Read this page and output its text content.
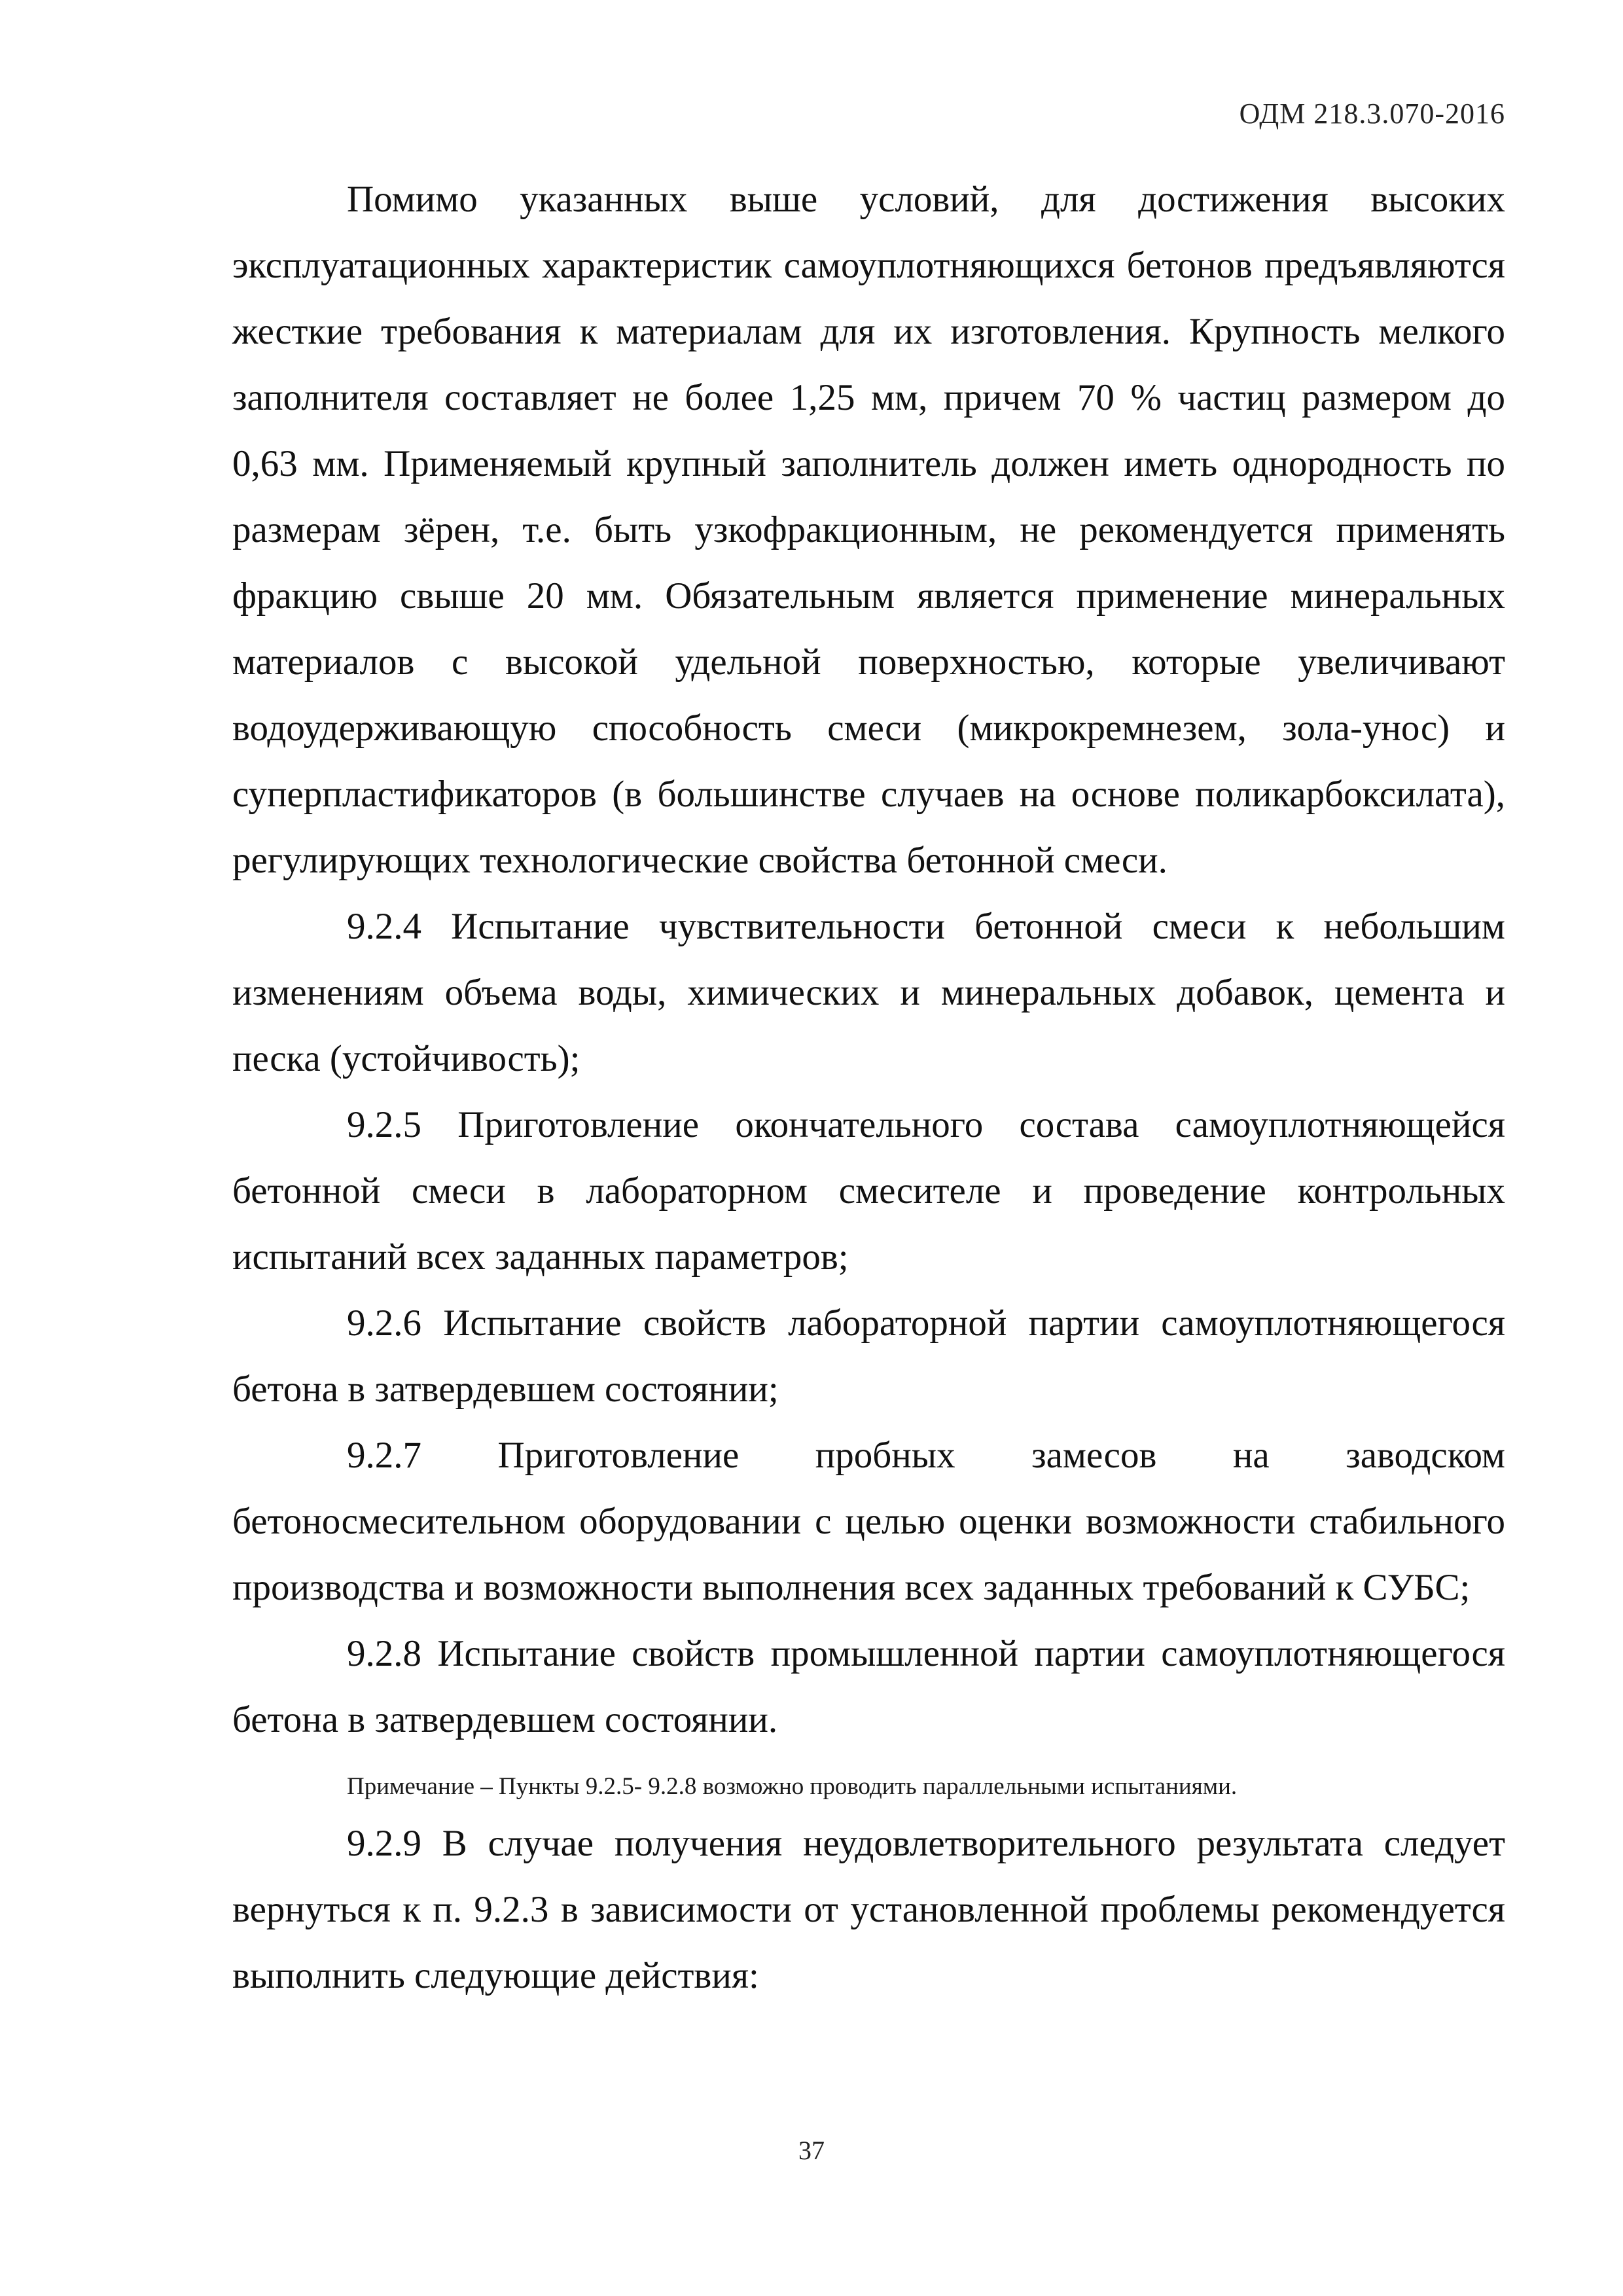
ОДМ 218.3.070-2016

Помимо указанных выше условий, для достижения высоких эксплуатационных характеристик самоуплотняющихся бетонов предъявляются жесткие требования к материалам для их изготовления. Крупность мелкого заполнителя составляет не более 1,25 мм, причем 70 % частиц размером до 0,63 мм. Применяемый крупный заполнитель должен иметь однородность по размерам зёрен, т.е. быть узкофракционным, не рекомендуется применять фракцию свыше 20 мм. Обязательным является применение минеральных материалов с высокой удельной поверхностью, которые увеличивают водоудерживающую способность смеси (микрокремнезем, зола-унос) и суперпластификаторов (в большинстве случаев на основе поликарбоксилата), регулирующих технологические свойства бетонной смеси.

9.2.4 Испытание чувствительности бетонной смеси к небольшим изменениям объема воды, химических и минеральных добавок, цемента и песка (устойчивость);

9.2.5 Приготовление окончательного состава самоуплотняющейся бетонной смеси в лабораторном смесителе и проведение контрольных испытаний всех заданных параметров;

9.2.6 Испытание свойств лабораторной партии самоуплотняющегося бетона в затвердевшем состоянии;

9.2.7 Приготовление пробных замесов на заводском бетоносмесительном оборудовании с целью оценки возможности стабильного производства и возможности выполнения всех заданных требований к СУБС;

9.2.8 Испытание свойств промышленной партии самоуплотняющегося бетона в затвердевшем состоянии.

Примечание – Пункты 9.2.5- 9.2.8 возможно проводить параллельными испытаниями.

9.2.9 В случае получения неудовлетворительного результата следует вернуться к п. 9.2.3 в зависимости от установленной проблемы рекомендуется выполнить следующие действия:

37
